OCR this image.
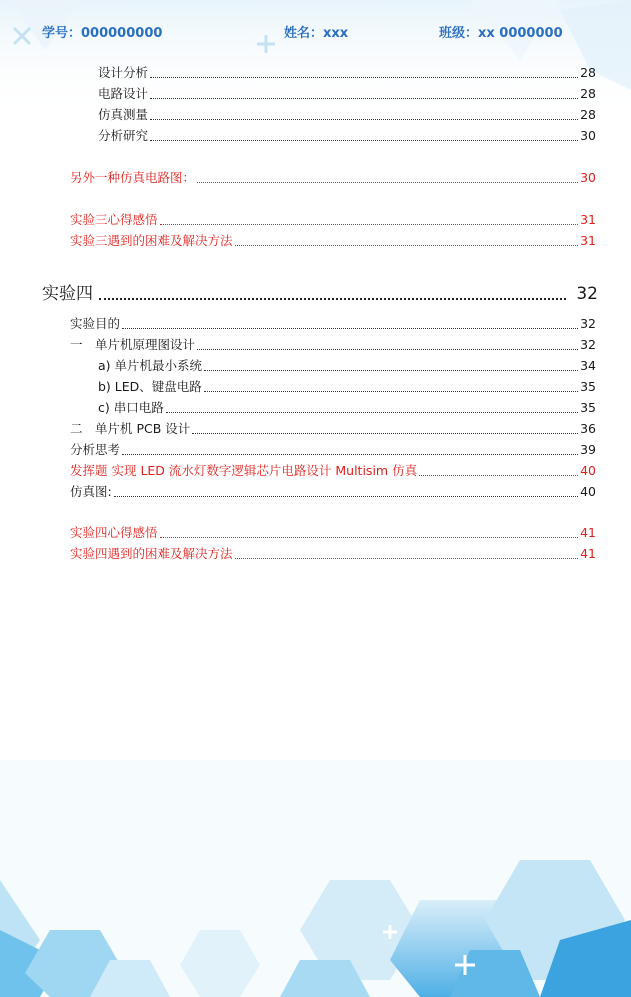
学号：000000000	姓名：xxx	班级：xx 0000000
设计分析	28
电路设计	28
仿真测量	28
分析研究	30
另外一种仿真电路图：	30
实验三心得感悟	31
实验三遇到的困难及解决方法	31
实验四	32
实验目的	32
一　单片机原理图设计	32
a) 单片机最小系统	34
b) LED、键盘电路	35
c) 串口电路	35
二　单片机 PCB 设计	36
分析思考	39
发挥题 实现 LED 流水灯数字逻辑芯片电路设计 Multisim 仿真	40
仿真图:	40
实验四心得感悟	41
实验四遇到的困难及解决方法	41
